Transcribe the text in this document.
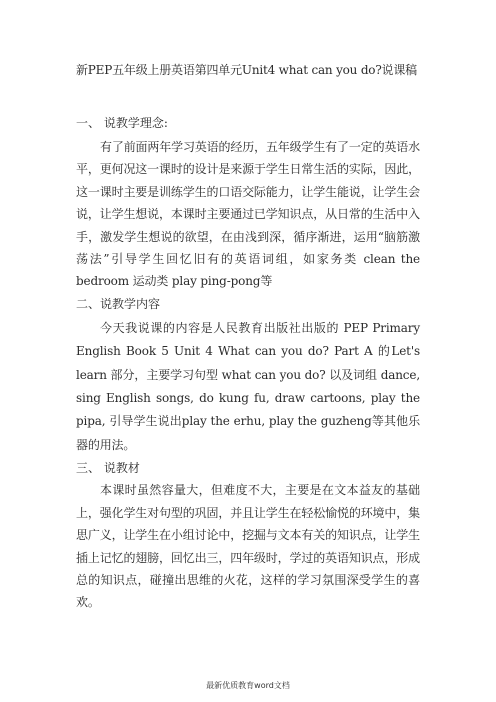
新PEP五年级上册英语第四单元Unit4 what can you do?说课稿

一、 说教学理念:

有了前面两年学习英语的经历，五年级学生有了一定的英语水平，更何况这一课时的设计是来源于学生日常生活的实际，因此，这一课时主要是训练学生的口语交际能力，让学生能说，让学生会说，让学生想说，本课时主要通过已学知识点，从日常的生活中入手，激发学生想说的欲望，在由浅到深，循序渐进，运用“脑筋激荡法”引导学生回忆旧有的英语词组，如家务类 clean the bedroom 运动类 play ping-pong等

二、说教学内容

今天我说课的内容是人民教育出版社出版的 PEP Primary English Book 5 Unit 4 What can you do? Part A 的Let's learn 部分，主要学习句型 what can you do? 以及词组 dance, sing English songs, do kung fu, draw cartoons, play the pipa, 引导学生说出play the erhu, play the guzheng等其他乐器的用法。

三、 说教材

本课时虽然容量大，但难度不大，主要是在文本益友的基础上，强化学生对句型的巩固，并且让学生在轻松愉悦的环境中，集思广义，让学生在小组讨论中，挖掘与文本有关的知识点，让学生插上记忆的翅膀，回忆出三，四年级时，学过的英语知识点，形成总的知识点，碰撞出思维的火花，这样的学习氛围深受学生的喜欢。

最新优质教育word文档
